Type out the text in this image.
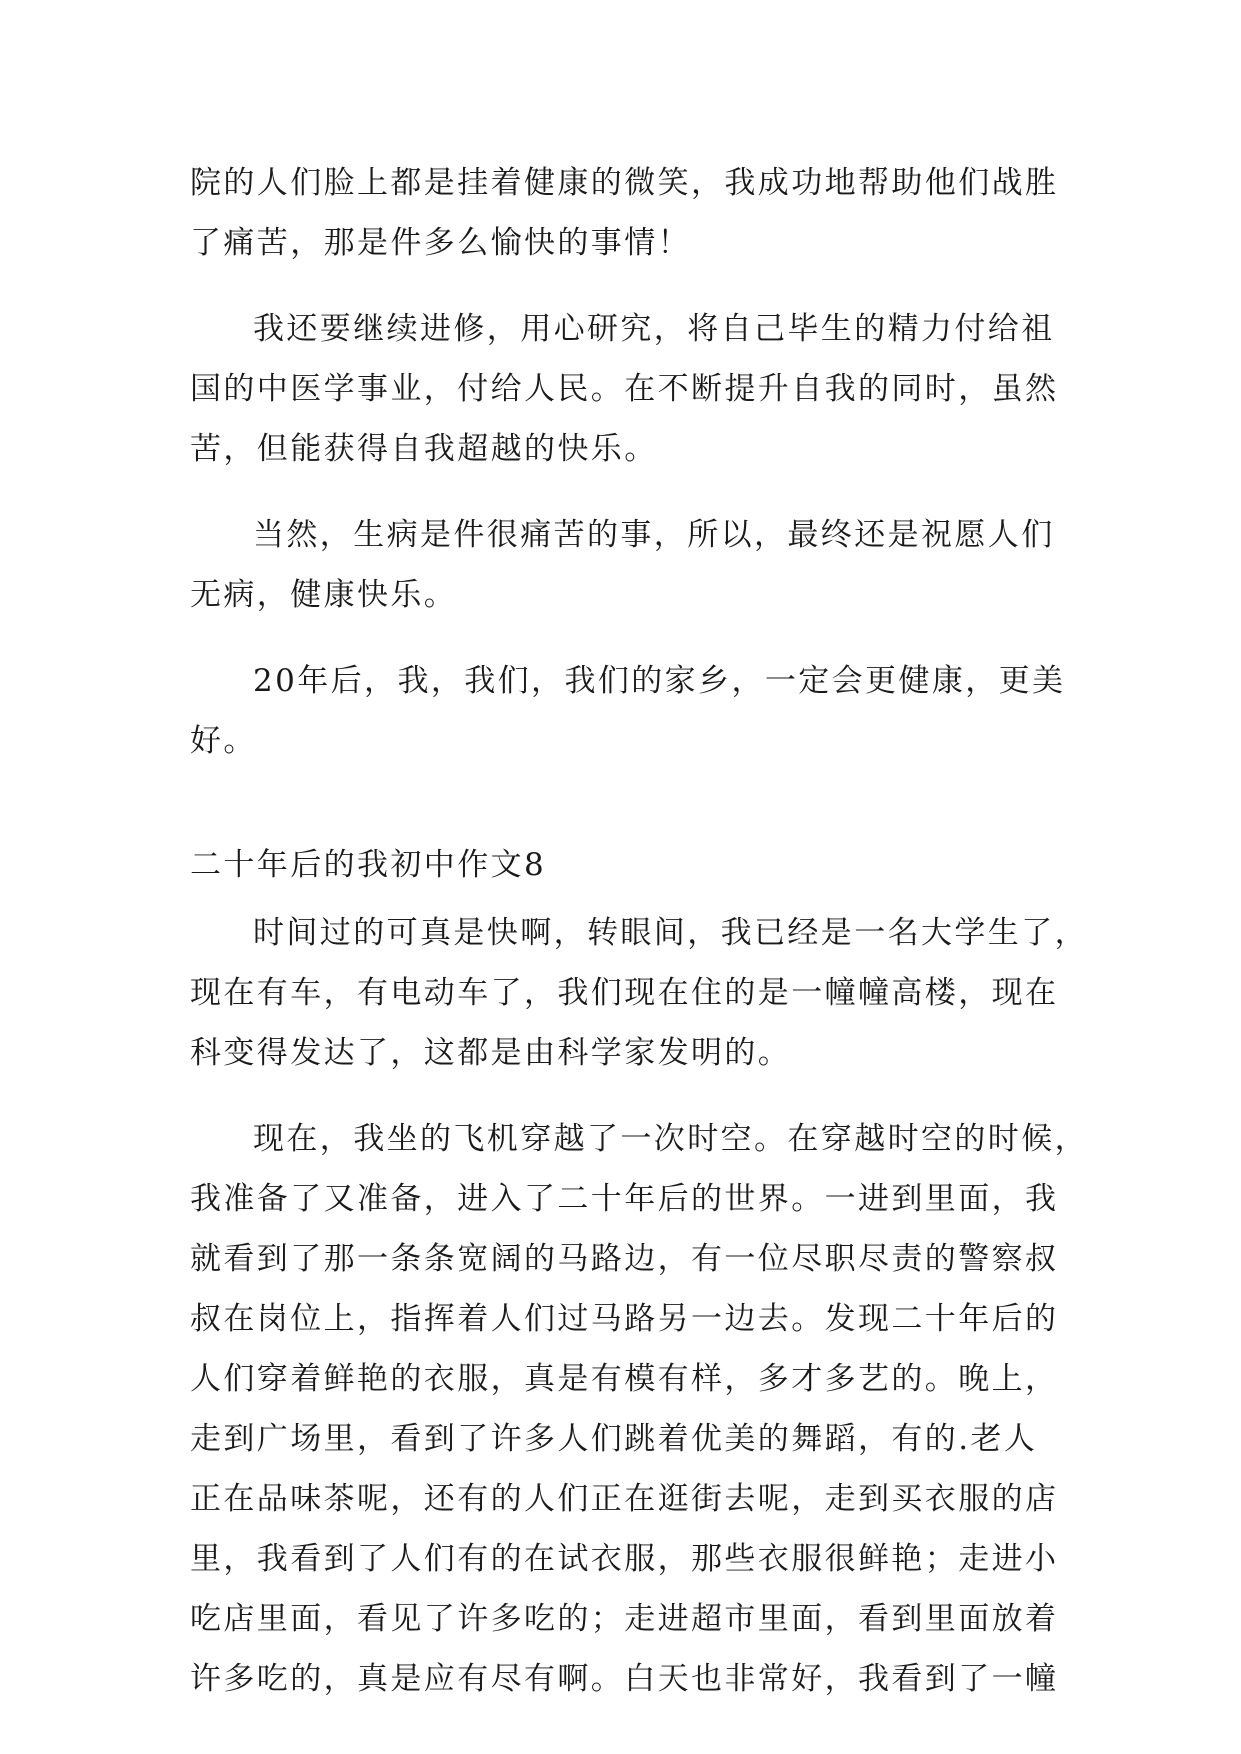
院的人们脸上都是挂着健康的微笑，我成功地帮助他们战胜
了痛苦，那是件多么愉快的事情！
我还要继续进修，用心研究，将自己毕生的精力付给祖
国的中医学事业，付给人民。在不断提升自我的同时，虽然
苦，但能获得自我超越的快乐。
当然，生病是件很痛苦的事，所以，最终还是祝愿人们
无病，健康快乐。
20年后，我，我们，我们的家乡，一定会更健康，更美
好。
二十年后的我初中作文8
时间过的可真是快啊，转眼间，我已经是一名大学生了，
现在有车，有电动车了，我们现在住的是一幢幢高楼，现在
科变得发达了，这都是由科学家发明的。
现在，我坐的飞机穿越了一次时空。在穿越时空的时候，
我准备了又准备，进入了二十年后的世界。一进到里面，我
就看到了那一条条宽阔的马路边，有一位尽职尽责的警察叔
叔在岗位上，指挥着人们过马路另一边去。发现二十年后的
人们穿着鲜艳的衣服，真是有模有样，多才多艺的。晚上，
走到广场里，看到了许多人们跳着优美的舞蹈，有的.老人
正在品味茶呢，还有的人们正在逛街去呢，走到买衣服的店
里，我看到了人们有的在试衣服，那些衣服很鲜艳；走进小
吃店里面，看见了许多吃的；走进超市里面，看到里面放着
许多吃的，真是应有尽有啊。白天也非常好，我看到了一幢
